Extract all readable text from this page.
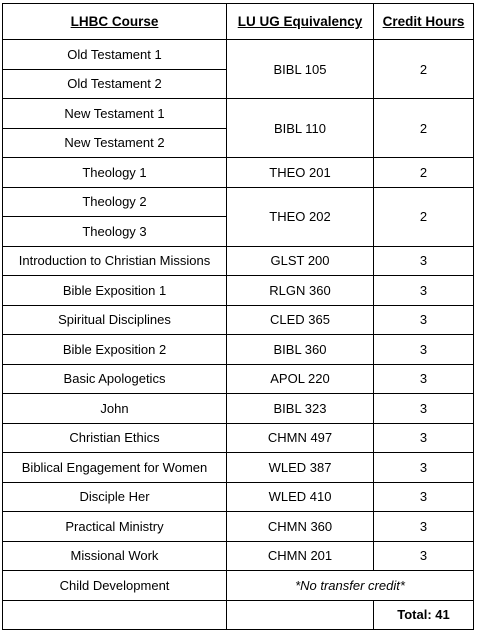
LHBC Course	LU UG Equivalency	Credit Hours
Old Testament 1	BIBL 105	2
Old Testament 2		
New Testament 1	BIBL 110	2
New Testament 2		
Theology 1	THEO 201	2
Theology 2	THEO 202	2
Theology 3		
Introduction to Christian Missions	GLST 200	3
Bible Exposition 1	RLGN 360	3
Spiritual Disciplines	CLED 365	3
Bible Exposition 2	BIBL 360	3
Basic Apologetics	APOL 220	3
John	BIBL 323	3
Christian Ethics	CHMN 497	3
Biblical Engagement for Women	WLED 387	3
Disciple Her	WLED 410	3
Practical Ministry	CHMN 360	3
Missional Work	CHMN 201	3
Child Development	*No transfer credit*	
		Total: 41
